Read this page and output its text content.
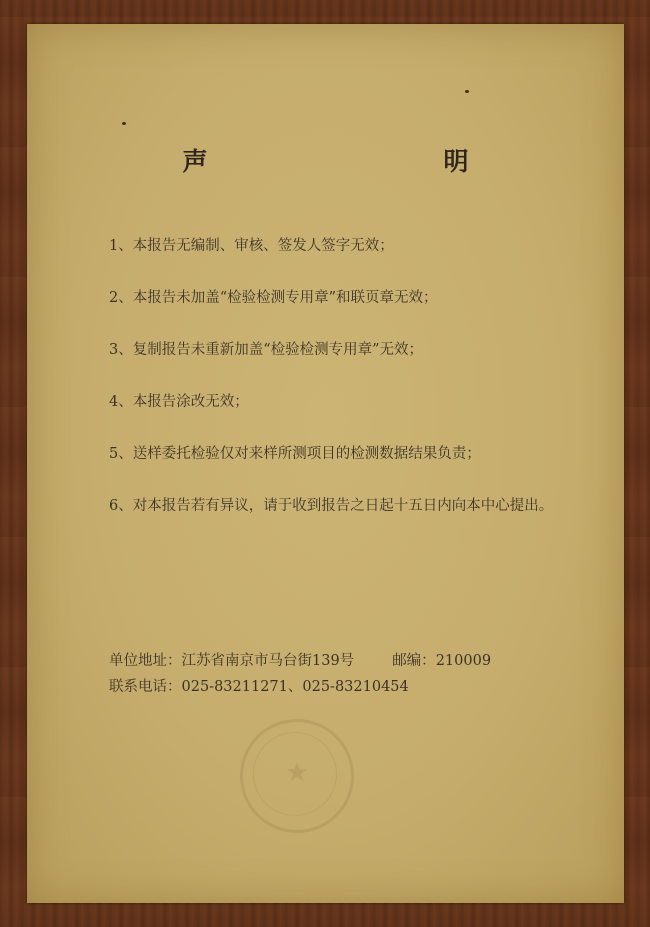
声　　明
1、本报告无编制、审核、签发人签字无效；
2、本报告未加盖“检验检测专用章”和联页章无效；
3、复制报告未重新加盖“检验检测专用章”无效；
4、本报告涂改无效；
5、送样委托检验仅对来样所测项目的检测数据结果负责；
6、对本报告若有异议，请于收到报告之日起十五日内向本中心提出。
单位地址：江苏省南京市马台街139号	邮编：210009
联系电话：025-83211271、025-83210454
★
